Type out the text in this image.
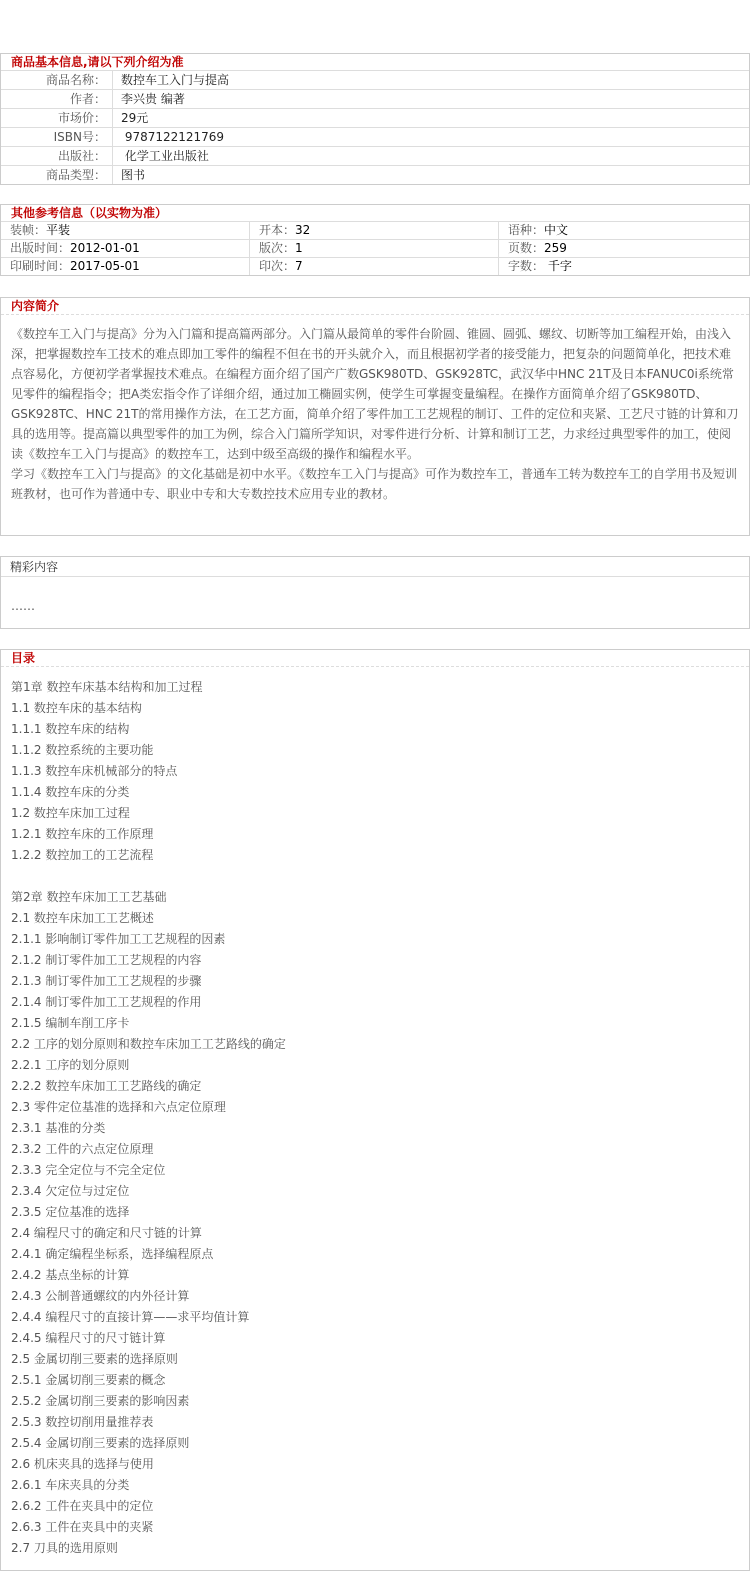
商品基本信息,请以下列介绍为准
商品名称：	数控车工入门与提高
作者：	李兴贵 编著
市场价：	29元
ISBN号：	9787122121769
出版社：	化学工业出版社
商品类型：	图书
其他参考信息（以实物为准）
装帧：平装	开本：32	语种：中文
出版时间：2012-01-01	版次：1	页数：259
印刷时间：2017-05-01	印次：7	字数： 千字
内容简介

《数控车工入门与提高》分为入门篇和提高篇两部分。入门篇从最简单的零件台阶圆、锥圆、圆弧、螺纹、切断等加工编程开始，由浅入深，把掌握数控车工技术的难点即加工零件的编程不但在书的开头就介入，而且根据初学者的接受能力，把复杂的问题简单化，把技术难点容易化，方便初学者掌握技术难点。在编程方面介绍了国产广数GSK980TD、GSK928TC，武汉华中HNC 21T及日本FANUC0i系统常见零件的编程指令；把A类宏指令作了详细介绍，通过加工椭圆实例，使学生可掌握变量编程。在操作方面简单介绍了GSK980TD、GSK928TC、HNC 21T的常用操作方法，在工艺方面，简单介绍了零件加工工艺规程的制订、工件的定位和夹紧、工艺尺寸链的计算和刀具的选用等。提高篇以典型零件的加工为例，综合入门篇所学知识，对零件进行分析、计算和制订工艺，力求经过典型零件的加工，使阅读《数控车工入门与提高》的数控车工，达到中级至高级的操作和编程水平。

学习《数控车工入门与提高》的文化基础是初中水平。《数控车工入门与提高》可作为数控车工，普通车工转为数控车工的自学用书及短训班教材，也可作为普通中专、职业中专和大专数控技术应用专业的教材。

精彩内容
……
目录
第1章 数控车床基本结构和加工过程
1.1 数控车床的基本结构
1.1.1 数控车床的结构
1.1.2 数控系统的主要功能
1.1.3 数控车床机械部分的特点
1.1.4 数控车床的分类
1.2 数控车床加工过程
1.2.1 数控车床的工作原理
1.2.2 数控加工的工艺流程
第2章 数控车床加工工艺基础
2.1 数控车床加工工艺概述
2.1.1 影响制订零件加工工艺规程的因素
2.1.2 制订零件加工工艺规程的内容
2.1.3 制订零件加工工艺规程的步骤
2.1.4 制订零件加工工艺规程的作用
2.1.5 编制车削工序卡
2.2 工序的划分原则和数控车床加工工艺路线的确定
2.2.1 工序的划分原则
2.2.2 数控车床加工工艺路线的确定
2.3 零件定位基准的选择和六点定位原理
2.3.1 基准的分类
2.3.2 工件的六点定位原理
2.3.3 完全定位与不完全定位
2.3.4 欠定位与过定位
2.3.5 定位基准的选择
2.4 编程尺寸的确定和尺寸链的计算
2.4.1 确定编程坐标系，选择编程原点
2.4.2 基点坐标的计算
2.4.3 公制普通螺纹的内外径计算
2.4.4 编程尺寸的直接计算——求平均值计算
2.4.5 编程尺寸的尺寸链计算
2.5 金属切削三要素的选择原则
2.5.1 金属切削三要素的概念
2.5.2 金属切削三要素的影响因素
2.5.3 数控切削用量推荐表
2.5.4 金属切削三要素的选择原则
2.6 机床夹具的选择与使用
2.6.1 车床夹具的分类
2.6.2 工件在夹具中的定位
2.6.3 工件在夹具中的夹紧
2.7 刀具的选用原则
